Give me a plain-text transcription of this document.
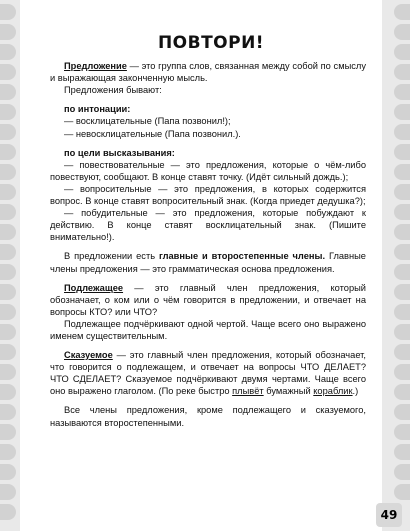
ПОВТОРИ!

Предложение — это группа слов, связанная между собой по смыслу и выражающая законченную мысль.

Предложения бывают:

по интонации:

— восклицательные (Папа позвонил!);

— невосклицательные (Папа позвонил.).

по цели высказывания:

— повествовательные — это предложения, которые о чём-либо повествуют, сообщают. В конце ставят точку. (Идёт сильный дождь.);

— вопросительные — это предложения, в которых содержится вопрос. В конце ставят вопросительный знак. (Когда приедет дедушка?);

— побудительные — это предложения, которые побуждают к действию. В конце ставят восклицательный знак. (Пишите внимательно!).

В предложении есть главные и второстепенные члены. Главные члены предложения — это грамматическая основа предложения.

Подлежащее — это главный член предложения, который обозначает, о ком или о чём говорится в предложении, и отвечает на вопросы КТО? или ЧТО?

Подлежащее подчёркивают одной чертой. Чаще всего оно выражено именем существительным.

Сказуемое — это главный член предложения, который обозначает, что говорится о подлежащем, и отвечает на вопросы ЧТО ДЕЛАЕТ? ЧТО СДЕЛАЕТ? Сказуемое подчёркивают двумя чертами. Чаще всего оно выражено глаголом. (По реке быстро плывёт бумажный кораблик.)

Все члены предложения, кроме подлежащего и сказуемого, называются второстепенными.

49
